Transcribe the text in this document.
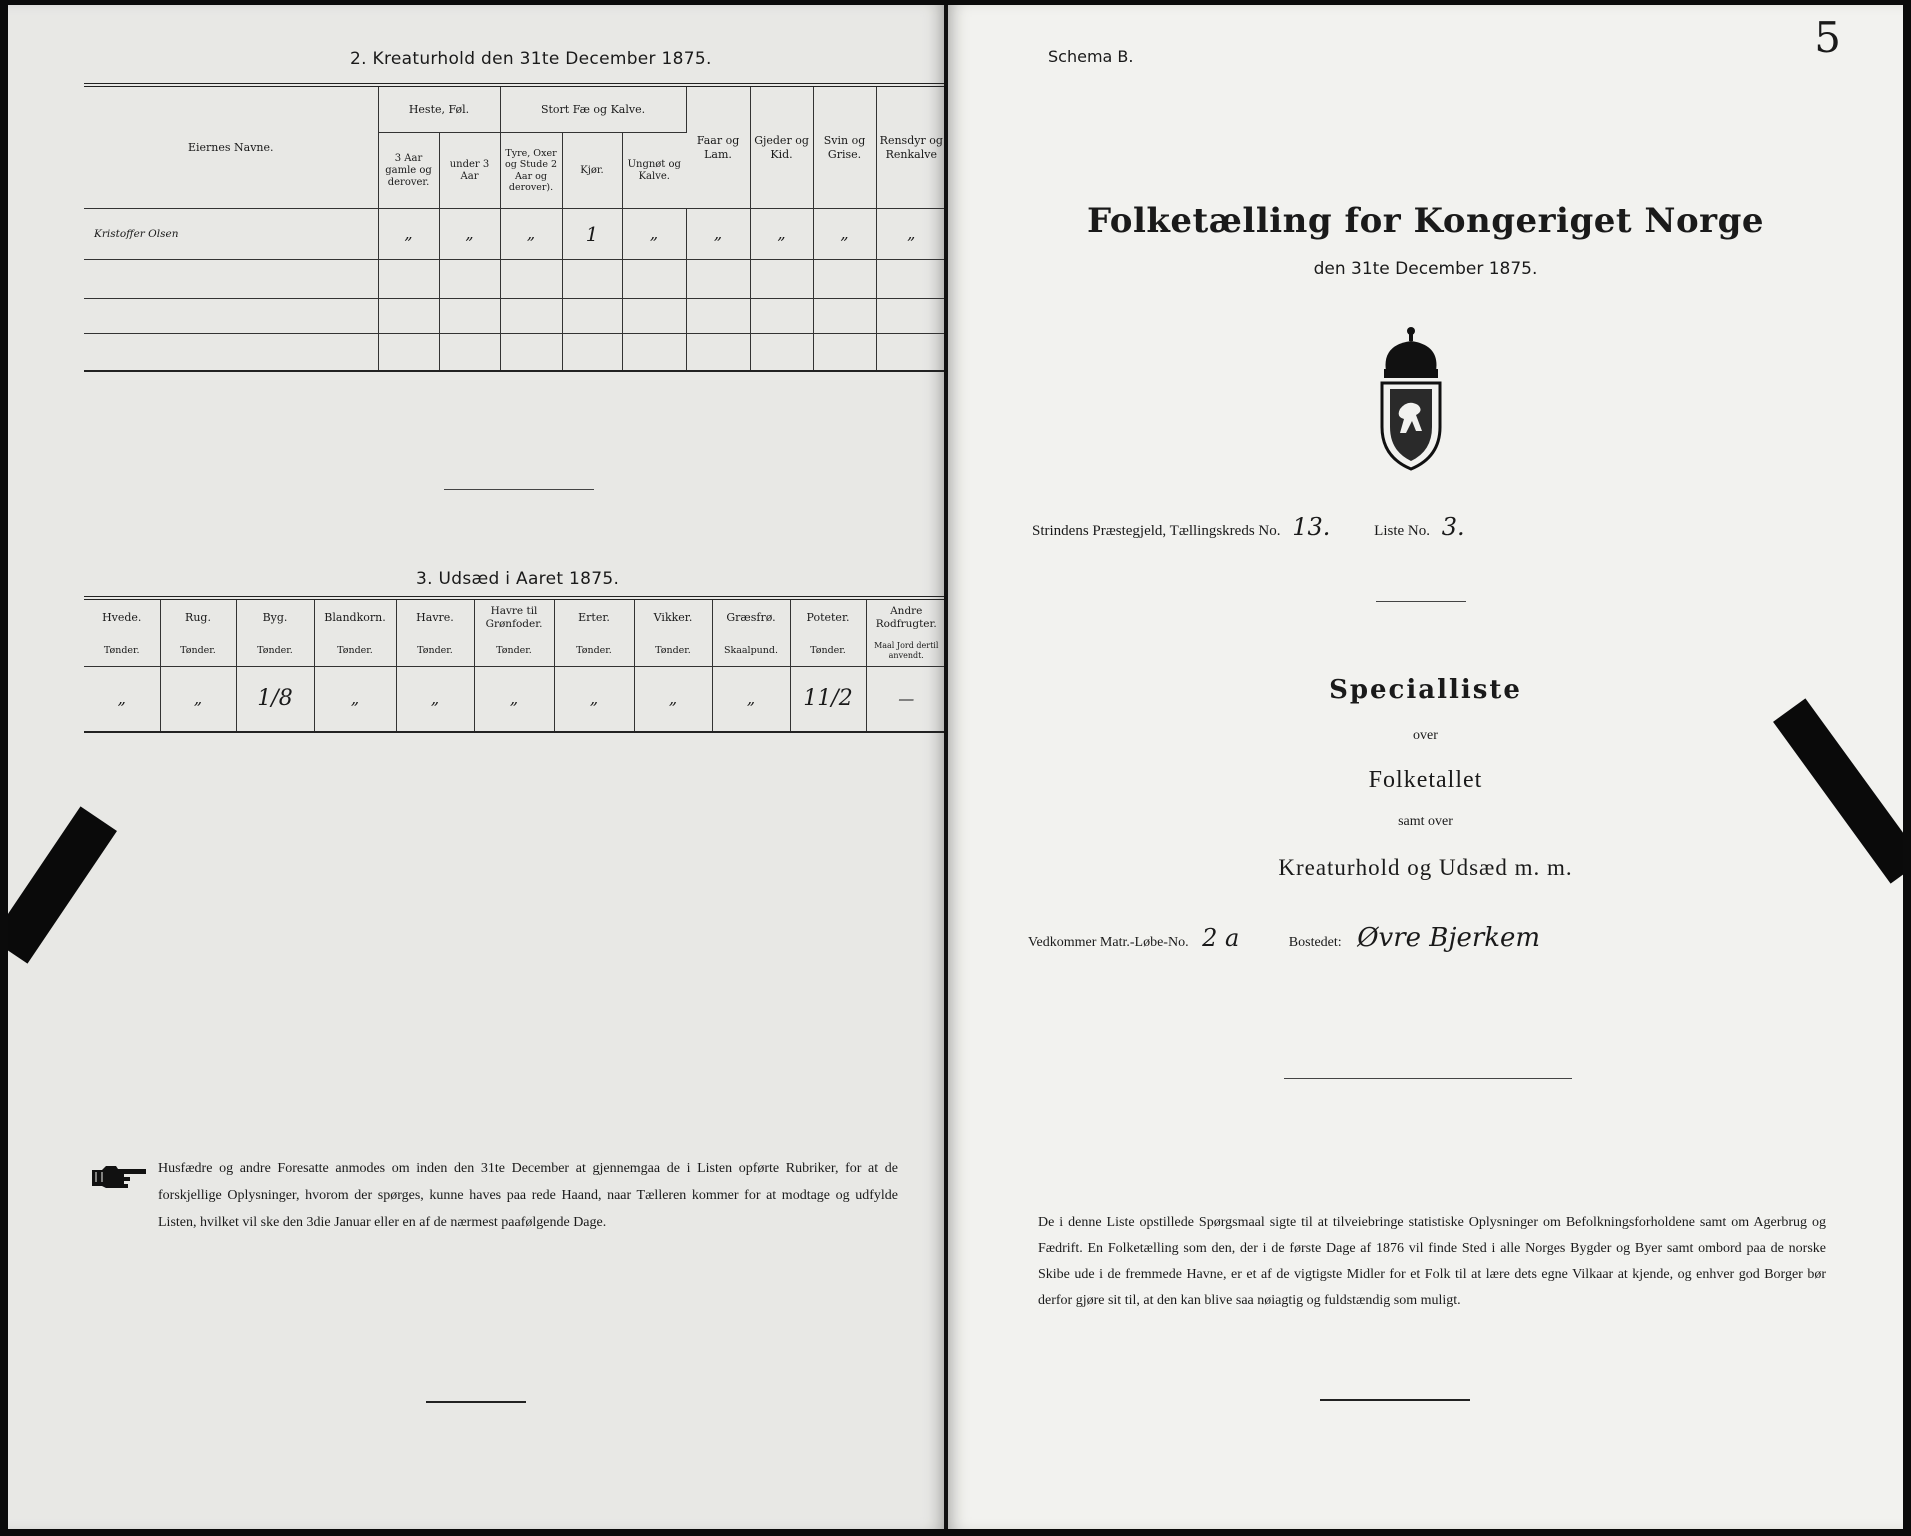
2. Kreaturhold den 31te December 1875.
Eiernes Navne.	Heste, Føl.		Stort Fæ og Kalve.			Faar og Lam.	Gjeder og Kid.	Svin og Grise.	Rensdyr og Renkalve
	3 Aar gamle og derover.	under 3 Aar	Tyre, Oxer og Stude 2 Aar og derover).	Kjør.	Ungnøt og Kalve.				
Kristoffer Olsen	„	„	„	1	„	„	„	„	„

3. Udsæd i Aaret 1875.
Hvede.	Rug.	Byg.	Blandkorn.	Havre.	Havre til Grønfoder.	Erter.	Vikker.	Græsfrø.	Poteter.	Andre Rodfrugter.
Tønder.	Tønder.	Tønder.	Tønder.	Tønder.	Tønder.	Tønder.	Tønder.	Skaalpund.	Tønder.	Maal Jord dertil anvendt.
„	„	1/8	„	„	„	„	„	„	11/2	—
Husfædre og andre Foresatte anmodes om inden den 31te December at gjennemgaa de i Listen opførte Rubriker, for at de forskjellige Oplysninger, hvorom der spørges, kunne haves paa rede Haand, naar Tælleren kommer for at modtage og udfylde Listen, hvilket vil ske den 3die Januar eller en af de nærmest paafølgende Dage.
5
Schema B.
Folketælling for Kongeriget Norge
den 31te December 1875.
Strindens Præstegjeld, Tællingskreds No. 13.	Liste No. 3.
Specialliste
over
Folketallet
samt over
Kreaturhold og Udsæd m. m.
Vedkommer Matr.-Løbe-No. 2 a	Bostedet: Øvre Bjerkem
De i denne Liste opstillede Spørgsmaal sigte til at tilveiebringe statistiske Oplysninger om Befolkningsforholdene samt om Agerbrug og Fædrift. En Folketælling som den, der i de første Dage af 1876 vil finde Sted i alle Norges Bygder og Byer samt ombord paa de norske Skibe ude i de fremmede Havne, er et af de vigtigste Midler for et Folk til at lære dets egne Vilkaar at kjende, og enhver god Borger bør derfor gjøre sit til, at den kan blive saa nøiagtig og fuldstændig som muligt.
